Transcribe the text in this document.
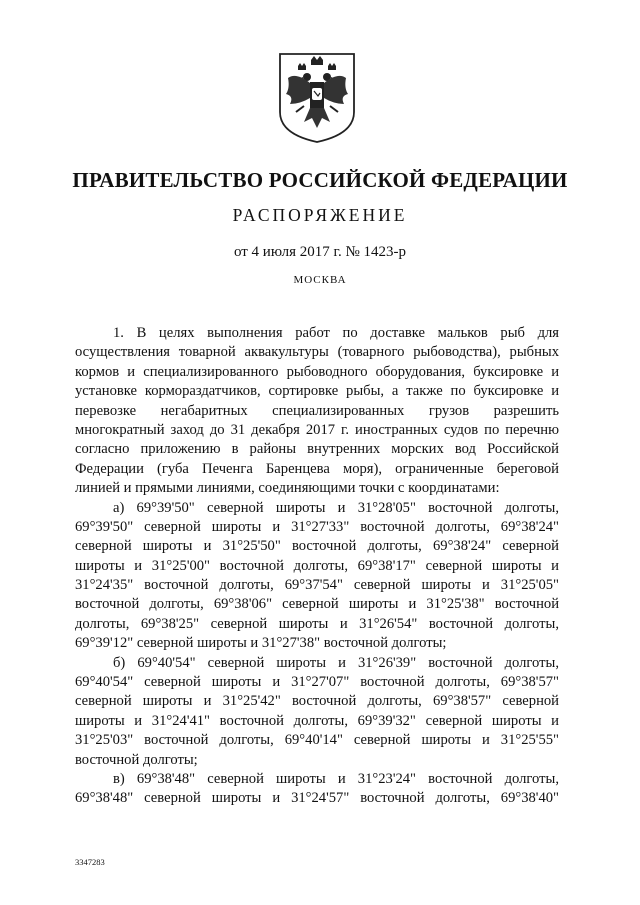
ПРАВИТЕЛЬСТВО РОССИЙСКОЙ ФЕДЕРАЦИИ
РАСПОРЯЖЕНИЕ
от 4 июля 2017 г. № 1423-р
МОСКВА
1. В целях выполнения работ по доставке мальков рыб для
осуществления товарной аквакультуры (товарного рыбоводства), рыбных
кормов и специализированного рыбоводного оборудования, буксировке и
установке кормораздатчиков, сортировке рыбы, а также по буксировке и
перевозке негабаритных специализированных грузов разрешить
многократный заход до 31 декабря 2017 г. иностранных судов по перечню
согласно приложению в районы внутренних морских вод Российской
Федерации (губа Печенга Баренцева моря), ограниченные береговой
линией и прямыми линиями, соединяющими точки с координатами:
а) 69°39'50" северной широты и 31°28'05" восточной долготы,
69°39'50" северной широты и 31°27'33" восточной долготы, 69°38'24"
северной широты и 31°25'50" восточной долготы, 69°38'24" северной
широты и 31°25'00" восточной долготы, 69°38'17" северной широты и
31°24'35" восточной долготы, 69°37'54" северной широты и 31°25'05"
восточной долготы, 69°38'06" северной широты и 31°25'38" восточной
долготы, 69°38'25" северной широты и 31°26'54" восточной долготы,
69°39'12" северной широты и 31°27'38" восточной долготы;
б) 69°40'54" северной широты и 31°26'39" восточной долготы,
69°40'54" северной широты и 31°27'07" восточной долготы, 69°38'57"
северной широты и 31°25'42" восточной долготы, 69°38'57" северной
широты и 31°24'41" восточной долготы, 69°39'32" северной широты и
31°25'03" восточной долготы, 69°40'14" северной широты и 31°25'55"
восточной долготы;
в) 69°38'48" северной широты и 31°23'24" восточной долготы,
69°38'48" северной широты и 31°24'57" восточной долготы, 69°38'40"
3347283
